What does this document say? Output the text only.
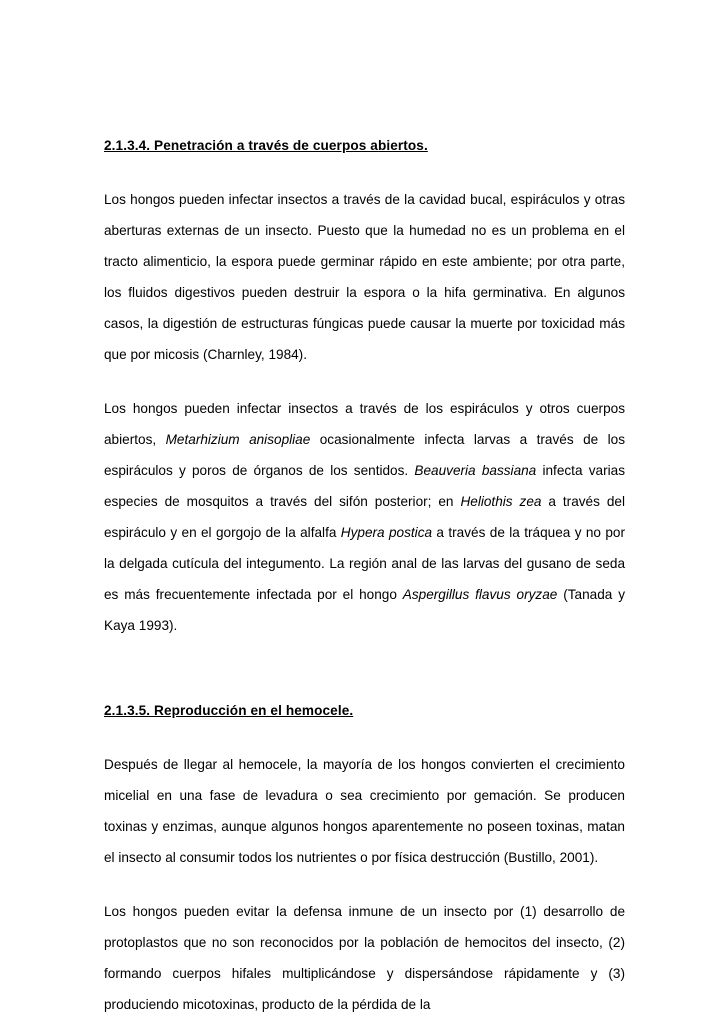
2.1.3.4. Penetración a través de cuerpos abiertos.

Los hongos pueden infectar insectos a través de la cavidad bucal, espiráculos y otras aberturas externas de un insecto. Puesto que la humedad no es un problema en el tracto alimenticio, la espora puede germinar rápido en este ambiente; por otra parte, los fluidos digestivos pueden destruir la espora o la hifa germinativa. En algunos casos, la digestión de estructuras fúngicas puede causar la muerte por toxicidad más que por micosis (Charnley, 1984).

Los hongos pueden infectar insectos a través de los espiráculos y otros cuerpos abiertos, Metarhizium anisopliae ocasionalmente infecta larvas a través de los espiráculos y poros de órganos de los sentidos. Beauveria bassiana infecta varias especies de mosquitos a través del sifón posterior; en Heliothis zea a través del espiráculo y en el gorgojo de la alfalfa Hypera postica a través de la tráquea y no por la delgada cutícula del integumento. La región anal de las larvas del gusano de seda es más frecuentemente infectada por el hongo Aspergillus flavus oryzae (Tanada y Kaya 1993).

2.1.3.5. Reproducción en el hemocele.

Después de llegar al hemocele, la mayoría de los hongos convierten el crecimiento micelial en una fase de levadura o sea crecimiento por gemación. Se producen toxinas y enzimas, aunque algunos hongos aparentemente no poseen toxinas, matan el insecto al consumir todos los nutrientes o por física destrucción (Bustillo, 2001).

Los hongos pueden evitar la defensa inmune de un insecto por (1) desarrollo de protoplastos que no son reconocidos por la población de hemocitos del insecto, (2) formando cuerpos hifales multiplicándose y dispersándose rápidamente y (3) produciendo micotoxinas, producto de la pérdida de la
